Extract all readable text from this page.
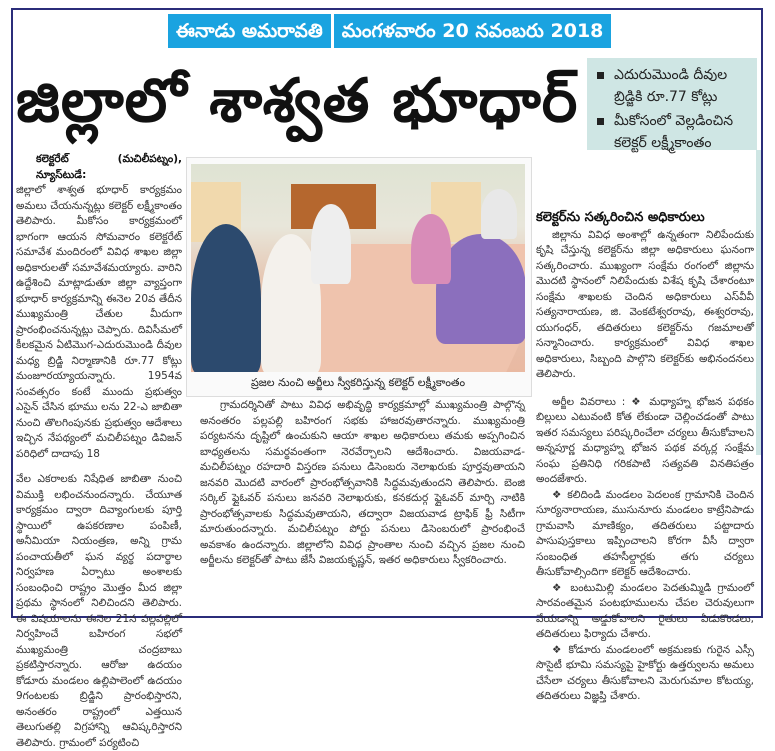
ఈనాడు అమరావతి	మంగళవారం 20 నవంబరు 2018
జిల్లాలో శాశ్వత భూధార్	ఎదురుమొండి దీవుల బ్రిడ్జికి రూ.77 కోట్లు
మీకోసంలో వెల్లడించిన కలెక్టర్ లక్ష్మీకాంతం
కలెక్టరేట్ (మచిలీపట్నం), న్యూస్‌టుడే:

జిల్లాలో శాశ్వత భూధార్ కార్యక్రమం అమలు చేయనున్నట్లు కలెక్టర్ లక్ష్మీకాంతం తెలిపారు. మీకోసం కార్యక్రమంలో భాగంగా ఆయన సోమవారం కలెక్టరేట్ సమావేశ మందిరంలో వివిధ శాఖల జిల్లా అధికారులతో సమావేశమయ్యారు. వారిని ఉద్దేశించి మాట్లాడుతూ జిల్లా వ్యాప్తంగా భూధార్ కార్యక్రమాన్ని ఈనెల 20వ తేదీన ముఖ్యమంత్రి చేతుల మీదుగా ప్రారంభించనున్నట్లు చెప్పారు. దివిసీమలో కీలకమైన ఏటిమొగ-ఎదురుమొండి దీవుల మధ్య బ్రిడ్జి నిర్మాణానికి రూ.77 కోట్లు మంజూరయ్యాయన్నారు. 1954వ సంవత్సరం కంటే ముందు ప్రభుత్వం ఎసైన్ చేసిన భూము లను 22-ఎ జాబితా నుంచి తొలగింపునకు ప్రభుత్వం ఆదేశాలు ఇచ్చిన నేపథ్యంలో మచిలీపట్నం డివిజన్ పరిధిలో దాదాపు 18

వేల ఎకరాలకు నిషేధిత జాబితా నుంచి విముక్తి లభించనుందన్నారు. చేయూత కార్యక్రమం ద్వారా దివ్యాంగులకు పూర్తి స్థాయిలో ఉపకరణాల పంపిణీ, అనీమియా నియంత్రణ, అన్ని గ్రామ పంచాయతీలో ఘన వ్యర్థ పదార్థాల నిర్వహణ ఏర్పాటు అంశాలకు సంబంధించి రాష్ట్రం మొత్తం మీద జిల్లా ప్రథమ స్థానంలో నిలిచిందని తెలిపారు. ఈ విషయాలను ఈనెల 21న పల్లపల్లిలో నిర్వహించే బహిరంగ సభలో ముఖ్యమంత్రి చంద్రబాబు ప్రకటిస్తారన్నారు. ఆరోజు ఉదయం కోడూరు మండలం ఉల్లిపాలెంలో ఉదయం 9గంటలకు బ్రిడ్జిని ప్రారంభిస్తారని, అనంతరం రాష్ట్రంలో ఎత్తయిన తెలుగుతల్లి విగ్రహాన్ని ఆవిష్కరిస్తారని తెలిపారు. గ్రామంలో పర్యటించి

ప్రజల నుంచి అర్జీలు స్వీకరిస్తున్న కలెక్టర్ లక్ష్మీకాంతం

గ్రామదర్శినితో పాటు వివిధ అభివృద్ధి కార్యక్రమాల్లో ముఖ్యమంత్రి పాల్గొన్న అనంతరం పల్లపల్లి బహిరంగ సభకు హాజరవుతారన్నారు. ముఖ్యమంత్రి పర్యటనను దృష్టిలో ఉంచుకుని ఆయా శాఖల అధికారులు తమకు అప్పగించిన బాధ్యతలను సమర్థవంతంగా నెరవేర్చాలని ఆదేశించారు. విజయవాడ-మచిలీపట్నం రహదారి విస్తరణ పనులు డిసెంబరు నెలాఖరుకు పూర్తవుతాయని జనవరి మొదటి వారంలో ప్రారంభోత్సవానికి సిద్ధమవుతుందని తెలిపారు. బెంజి సర్కిల్ ఫ్లైఓవర్ పనులు జనవరి నెలాఖరుకు, కనకదుర్గ ఫ్లైఓవర్ మార్చి నాటికి ప్రారంభోత్సవాలకు సిద్ధమవుతాయని, తద్వారా విజయవాడ ట్రాఫిక్ ఫ్రీ సిటీగా మారుతుందన్నారు. మచిలీపట్నం పోర్టు పనులు డిసెంబరులో ప్రారంభించే అవకాశం ఉందన్నారు. జిల్లాలోని వివిధ ప్రాంతాల నుంచి వచ్చిన ప్రజల నుంచి అర్జీలను కలెక్టర్‌తో పాటు జేసీ విజయకృష్ణన్, ఇతర అధికారులు స్వీకరించారు.

కలెక్టర్‌ను సత్కరించిన అధికారులు

జిల్లాను వివిధ అంశాల్లో ఉన్నతంగా నిలిపేందుకు కృషి చేస్తున్న కలెక్టర్‌ను జిల్లా అధికారులు ఘనంగా సత్కరించారు. ముఖ్యంగా సంక్షేమ రంగంలో జిల్లాను మొదటి స్థానంలో నిలిపేందుకు విశేష కృషి చేశారంటూ సంక్షేమ శాఖలకు చెందిన అధికారులు ఎస్‌వీవీ సత్యనారాయణ, జి. వెంకటేశ్వరరావు, ఈశ్వరరావు, యుగంధర్, తదితరులు కలెక్టర్‌ను గజమాలతో సన్మానించారు. కార్యక్రమంలో వివిధ శాఖల అధికారులు, సిబ్బంది పాల్గొని కలెక్టర్‌కు అభినందనలు తెలిపారు.

అర్జీల వివరాలు : ❖ మధ్యాహ్న భోజన పథకం బిల్లులు ఎటువంటి కోత లేకుండా చెల్లించడంతో పాటు ఇతర సమస్యలు పరిష్కరించేలా చర్యలు తీసుకోవాలని అన్నపూర్ణ మధ్యాహ్న భోజన పథక వర్కర్ల సంక్షేమ సంఘ ప్రతినిధి గరికపాటి సత్యవతి వినతిపత్రం అందజేశారు.

❖ కలిదిండి మండలం పెదలంక గ్రామానికి చెందిన సూర్యనారాయణ, ముసునూరు మండలం కాట్రేనిపాడు గ్రామవాసి మాణిక్యం, తదితరులు పట్టాదారు పాసుపుస్తకాలు ఇప్పించాలని కోరగా వీసీ ద్వారా సంబంధిత తహసీల్దార్లకు తగు చర్యలు తీసుకోవాల్సిందిగా కలెక్టర్ ఆదేశించారు.

❖ బంటుమిల్లి మండలం పెదతుమ్మిడి గ్రామంలో సారవంతమైన పంటభూములను చేపల చెరువులుగా వేయడాన్ని అడ్డుకోవాలని రైతులు ఏడుకొండలు, తదితరులు ఫిర్యాదు చేశారు.

❖ కోడూరు మండలంలో అక్రమణకు గురైన ఎస్సీ సొసైటీ భూమి సమస్యపై హైకోర్టు ఉత్తర్వులను అమలు చేసేలా చర్యలు తీసుకోవాలని మెరుగుమాల కోటయ్య, తదితరులు విజ్ఞప్తి చేశారు.
